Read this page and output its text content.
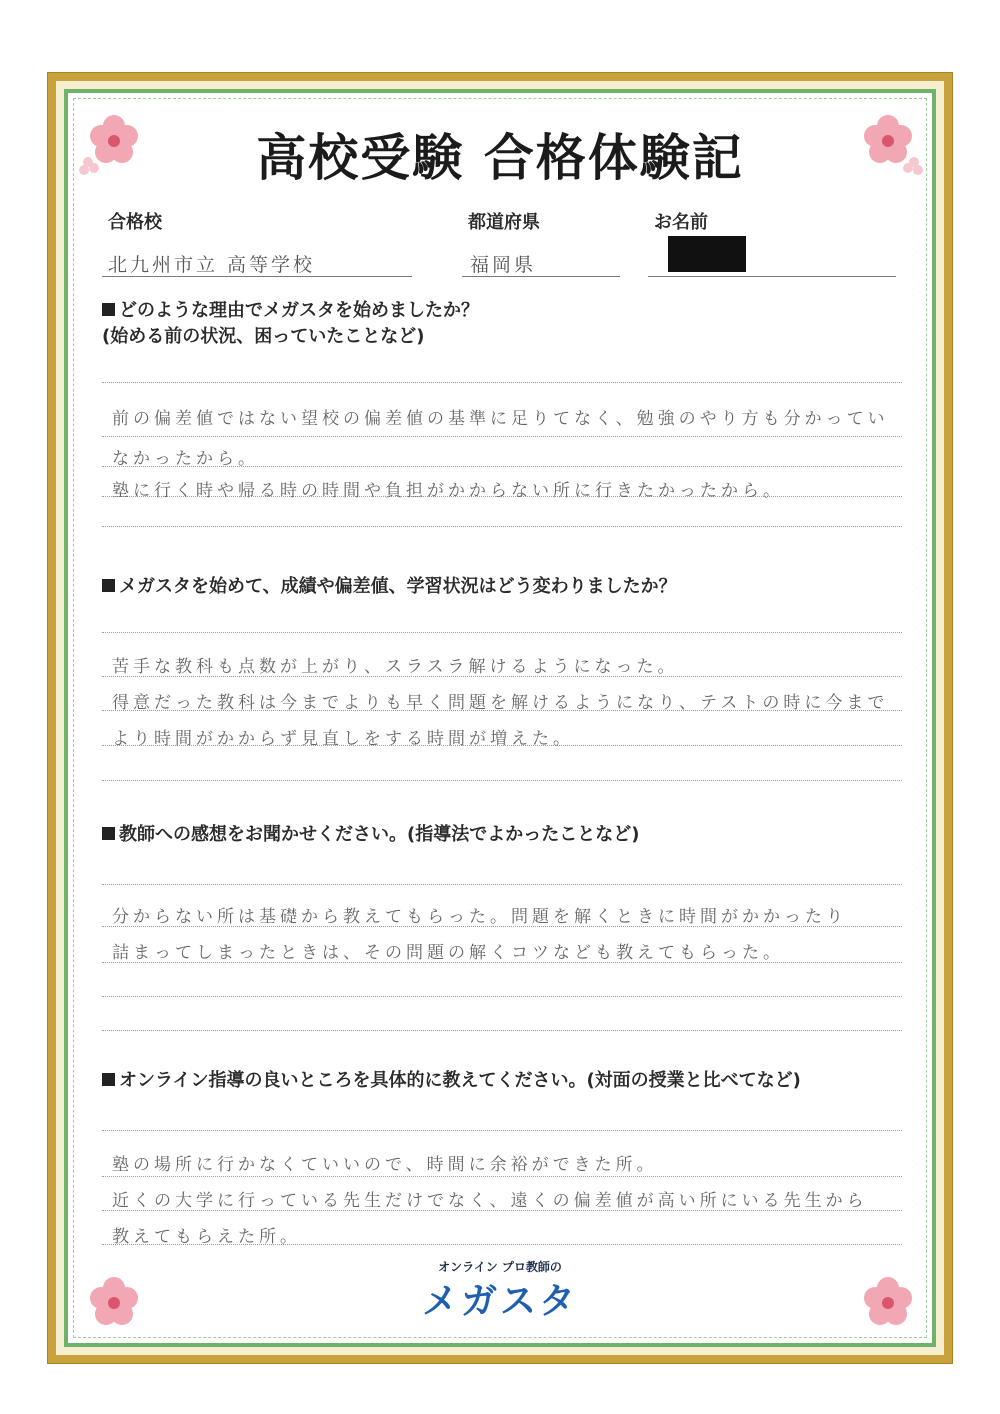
高校受験 合格体験記
合格校
北九州市立 高等学校
都道府県
福岡県
お名前
どのような理由でメガスタを始めましたか？
(始める前の状況、困っていたことなど)
前の偏差値ではない望校の偏差値の基準に足りてなく、勉強のやり方も分かってい
なかったから。
塾に行く時や帰る時の時間や負担がかからない所に行きたかったから。
メガスタを始めて、成績や偏差値、学習状況はどう変わりましたか？
苦手な教科も点数が上がり、スラスラ解けるようになった。
得意だった教科は今までよりも早く問題を解けるようになり、テストの時に今まで
より時間がかからず見直しをする時間が増えた。
教師への感想をお聞かせください。(指導法でよかったことなど)
分からない所は基礎から教えてもらった。問題を解くときに時間がかかったり
詰まってしまったときは、その問題の解くコツなども教えてもらった。
オンライン指導の良いところを具体的に教えてください。(対面の授業と比べてなど)
塾の場所に行かなくていいので、時間に余裕ができた所。
近くの大学に行っている先生だけでなく、遠くの偏差値が高い所にいる先生から
教えてもらえた所。
オンライン プロ教師の
メガスタ
